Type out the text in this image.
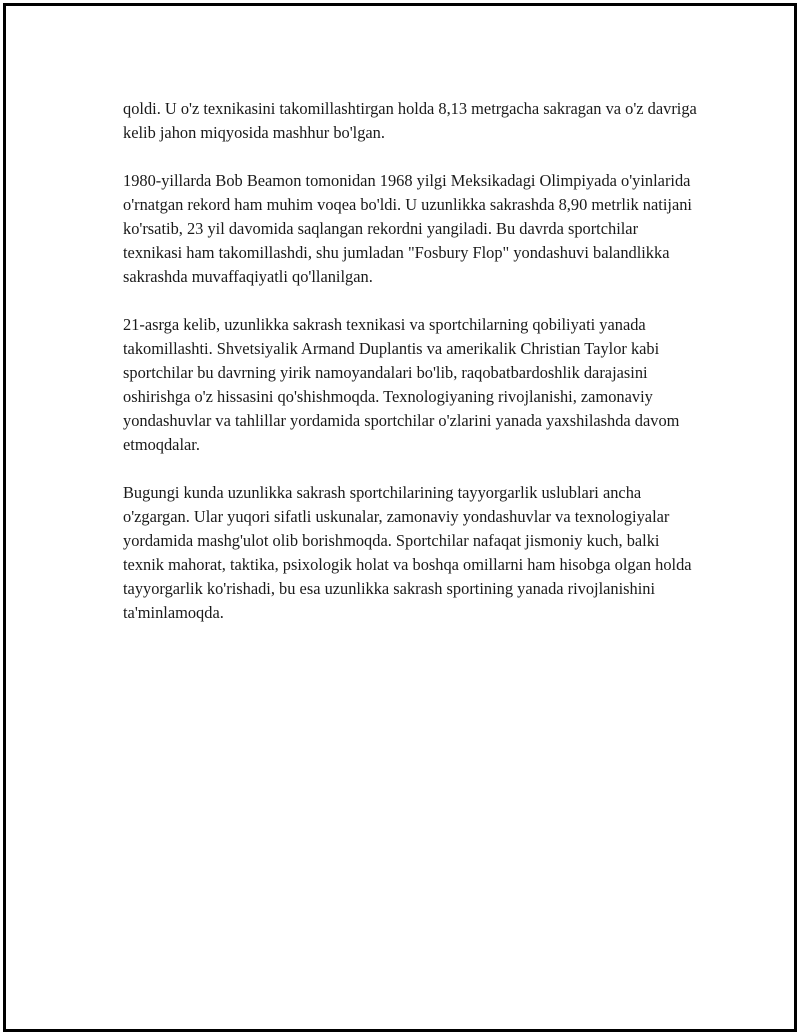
qoldi. U o'z texnikasini takomillashtirgan holda 8,13 metrgacha sakragan va o'z davriga kelib jahon miqyosida mashhur bo'lgan.

1980-yillarda Bob Beamon tomonidan 1968 yilgi Meksikadagi Olimpiyada o'yinlarida o'rnatgan rekord ham muhim voqea bo'ldi. U uzunlikka sakrashda 8,90 metrlik natijani ko'rsatib, 23 yil davomida saqlangan rekordni yangiladi. Bu davrda sportchilar texnikasi ham takomillashdi, shu jumladan "Fosbury Flop" yondashuvi balandlikka sakrashda muvaffaqiyatli qo'llanilgan.

21-asrga kelib, uzunlikka sakrash texnikasi va sportchilarning qobiliyati yanada takomillashti. Shvetsiyalik Armand Duplantis va amerikalik Christian Taylor kabi sportchilar bu davrning yirik namoyandalari bo'lib, raqobatbardoshlik darajasini oshirishga o'z hissasini qo'shishmoqda. Texnologiyaning rivojlanishi, zamonaviy yondashuvlar va tahlillar yordamida sportchilar o'zlarini yanada yaxshilashda davom etmoqdalar.

Bugungi kunda uzunlikka sakrash sportchilarining tayyorgarlik uslublari ancha o'zgargan. Ular yuqori sifatli uskunalar, zamonaviy yondashuvlar va texnologiyalar yordamida mashg'ulot olib borishmoqda. Sportchilar nafaqat jismoniy kuch, balki texnik mahorat, taktika, psixologik holat va boshqa omillarni ham hisobga olgan holda tayyorgarlik ko'rishadi, bu esa uzunlikka sakrash sportining yanada rivojlanishini ta'minlamoqda.
